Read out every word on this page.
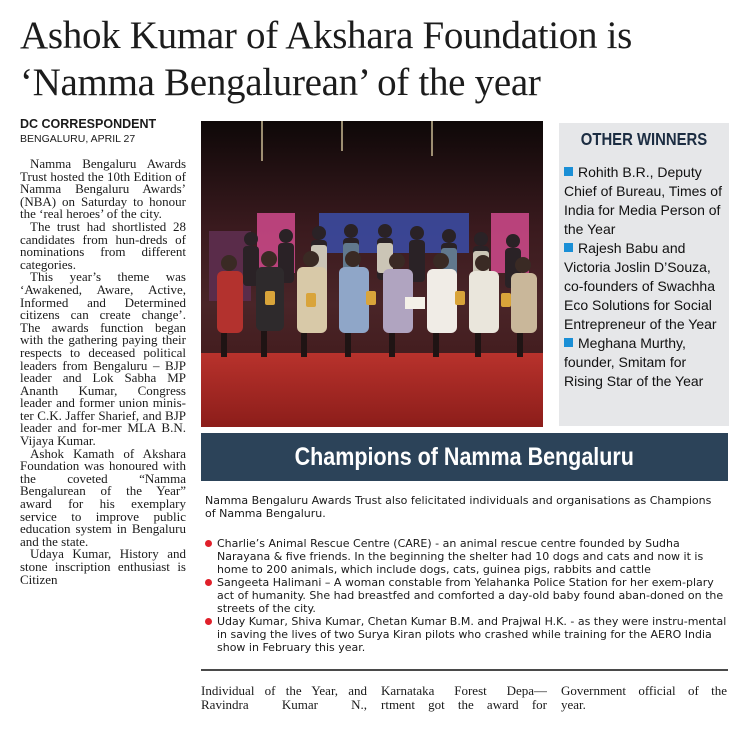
Ashok Kumar of Akshara Foundation is
‘Namma Bengalurean’ of the year
DC CORRESPONDENT
BENGALURU, APRIL 27

Namma Bengaluru Awards Trust hosted the 10th Edition of Namma Bengaluru Awards’ (NBA) on Saturday to honour the ‘real heroes’ of the city.

The trust had shortlisted 28 candidates from hun-dreds of nominations from different categories.

This year’s theme was ‘Awakened, Aware, Active, Informed and Determined citizens can create change’. The awards function began with the gathering paying their respects to deceased political leaders from Bengaluru – BJP leader and Lok Sabha MP Ananth Kumar, Congress leader and former union minis-ter C.K. Jaffer Sharief, and BJP leader and for-mer MLA B.N. Vijaya Kumar.

Ashok Kamath of Akshara Foundation was honoured with the coveted “Namma Bengalurean of the Year” award for his exemplary service to improve public education system in Bengaluru and the state.

Udaya Kumar, History and stone inscription enthusiast is Citizen

OTHER WINNERS
Rohith B.R., Deputy Chief of Bureau, Times of India for Media Person of the Year
Rajesh Babu and Victoria Joslin D’Souza, co-founders of Swachha Eco Solutions for Social Entrepreneur of the Year
Meghana Murthy, founder, Smitam for Rising Star of the Year
Champions of Namma Bengaluru
Namma Bengaluru Awards Trust also felicitated individuals and organisations as Champions of Namma Bengaluru.
Charlie’s Animal Rescue Centre (CARE) - an animal rescue centre founded by Sudha Narayana & five friends. In the beginning the shelter had 10 dogs and cats and now it is home to 200 animals, which include dogs, cats, guinea pigs, rabbits and cattle
Sangeeta Halimani – A woman constable from Yelahanka Police Station for her exem-plary act of humanity. She had breastfed and comforted a day-old baby found aban-doned on the streets of the city.
Uday Kumar, Shiva Kumar, Chetan Kumar B.M. and Prajwal H.K. - as they were instru-mental in saving the lives of two Surya Kiran pilots who crashed while training for the AERO India show in February this year.
Individual of the Year, and Ravindra Kumar N.,
Karnataka Forest Depa— rtment got the award for
Government official of the year.
